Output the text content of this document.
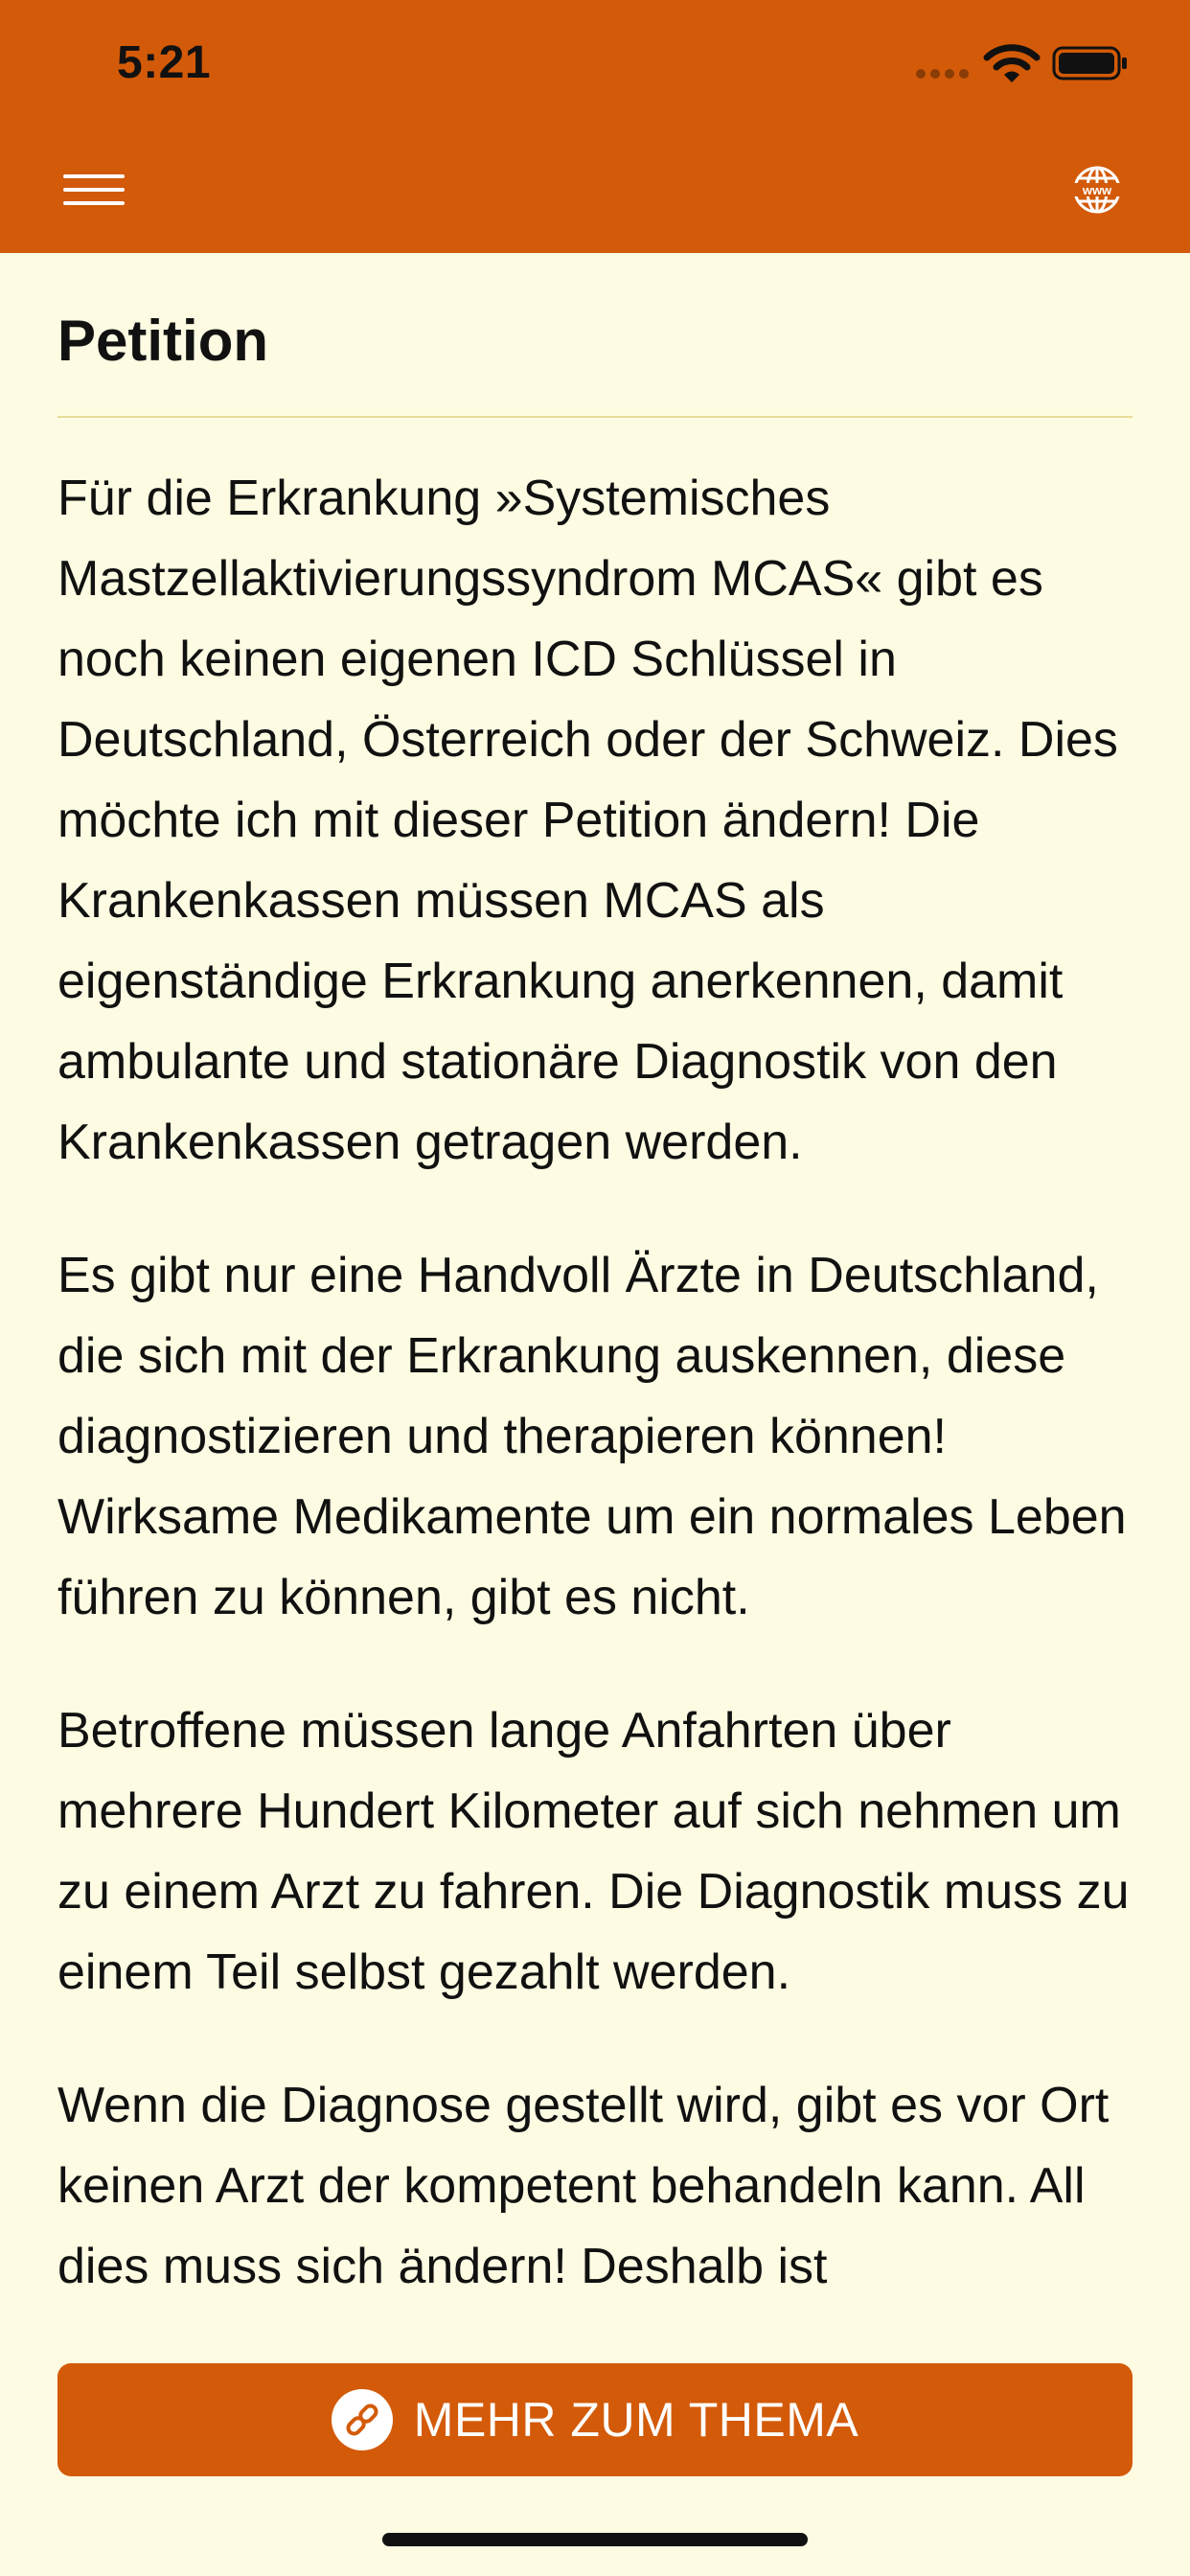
5:21
www
Petition

Für die Erkrankung »Systemisches Mastzellaktivierungssyndrom MCAS« gibt es noch keinen eigenen ICD Schlüssel in Deutschland, Österreich oder der Schweiz. Dies möchte ich mit dieser Petition ändern! Die Krankenkassen müssen MCAS als eigenständige Erkrankung anerkennen, damit ambulante und stationäre Diagnostik von den Krankenkassen getragen werden.

Es gibt nur eine Handvoll Ärzte in Deutschland, die sich mit der Erkrankung auskennen, diese diagnostizieren und therapieren können! Wirksame Medikamente um ein normales Leben führen zu können, gibt es nicht.

Betroffene müssen lange Anfahrten über mehrere Hundert Kilometer auf sich nehmen um zu einem Arzt zu fahren. Die Diagnostik muss zu einem Teil selbst gezahlt werden.

Wenn die Diagnose gestellt wird, gibt es vor Ort keinen Arzt der kompetent behandeln kann. All dies muss sich ändern! Deshalb ist

MEHR ZUM THEMA
